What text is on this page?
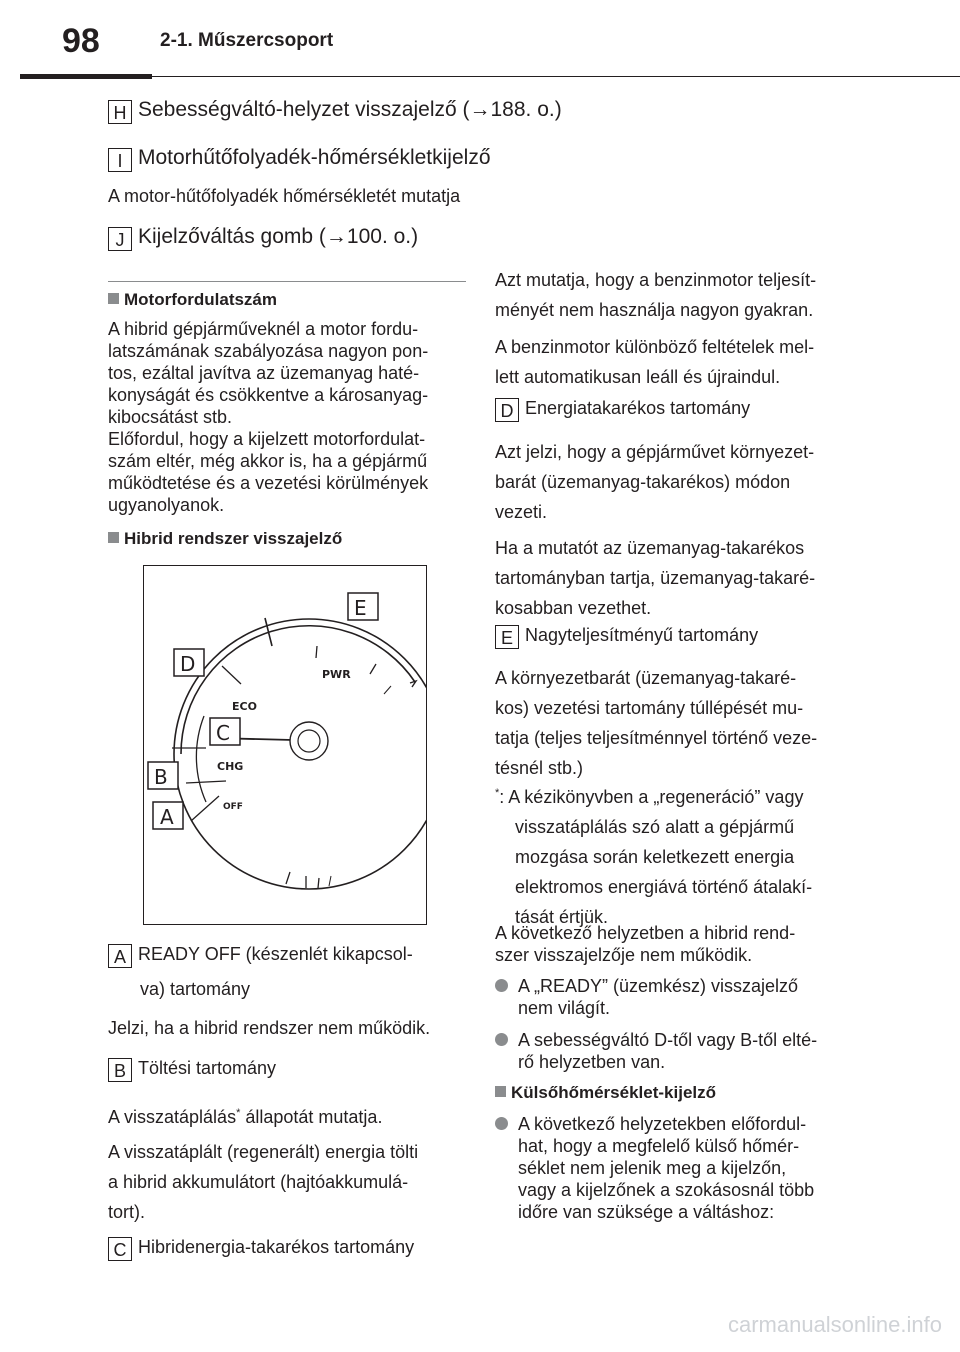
98	2-1. Műszercsoport
H Sebességváltó-helyzet visszajelző (→188. o.)
I Motorhűtőfolyadék-hőmérsékletkijelző
A motor-hűtőfolyadék hőmérsékletét mutatja
J Kijelzőváltás gomb (→100. o.)
Motorfordulatszám
A hibrid gépjárműveknél a motor fordu-
latszámának szabályozása nagyon pon-
tos, ezáltal javítva az üzemanyag haté-
konyságát és csökkentve a károsanyag-
kibocsátást stb.
Előfordul, hogy a kijelzett motorfordulat-
szám eltér, még akkor is, ha a gépjármű
működtetése és a vezetési körülmények
ugyanolyanok.
Hibrid rendszer visszajelző
PWR
ECO
CHG
OFF
E
D
C
B
A
A READY OFF (készenlét kikapcsol-
va) tartomány
Jelzi, ha a hibrid rendszer nem működik.
B Töltési tartomány
A visszatáplálás* állapotát mutatja.
A visszatáplált (regenerált) energia tölti
a hibrid akkumulátort (hajtóakkumulá-
tort).
C Hibridenergia-takarékos tartomány
Azt mutatja, hogy a benzinmotor teljesít-
ményét nem használja nagyon gyakran.
A benzinmotor különböző feltételek mel-
lett automatikusan leáll és újraindul.
D Energiatakarékos tartomány
Azt jelzi, hogy a gépjárművet környezet-
barát (üzemanyag-takarékos) módon
vezeti.
Ha a mutatót az üzemanyag-takarékos
tartományban tartja, üzemanyag-takaré-
kosabban vezethet.
E Nagyteljesítményű tartomány
A környezetbarát (üzemanyag-takaré-
kos) vezetési tartomány túllépését mu-
tatja (teljes teljesítménnyel történő veze-
tésnél stb.)
*: A kézikönyvben a „regeneráció” vagy
visszatáplálás szó alatt a gépjármű
mozgása során keletkezett energia
elektromos energiává történő átalakí-
tását értjük.
A következő helyzetben a hibrid rend-
szer visszajelzője nem működik.
A „READY” (üzemkész) visszajelző
nem világít.
A sebességváltó D-től vagy B-től elté-
rő helyzetben van.
Külsőhőmérséklet-kijelző
A következő helyzetekben előfordul-
hat, hogy a megfelelő külső hőmér-
séklet nem jelenik meg a kijelzőn,
vagy a kijelzőnek a szokásosnál több
időre van szüksége a váltáshoz:
carmanualsonline.info
